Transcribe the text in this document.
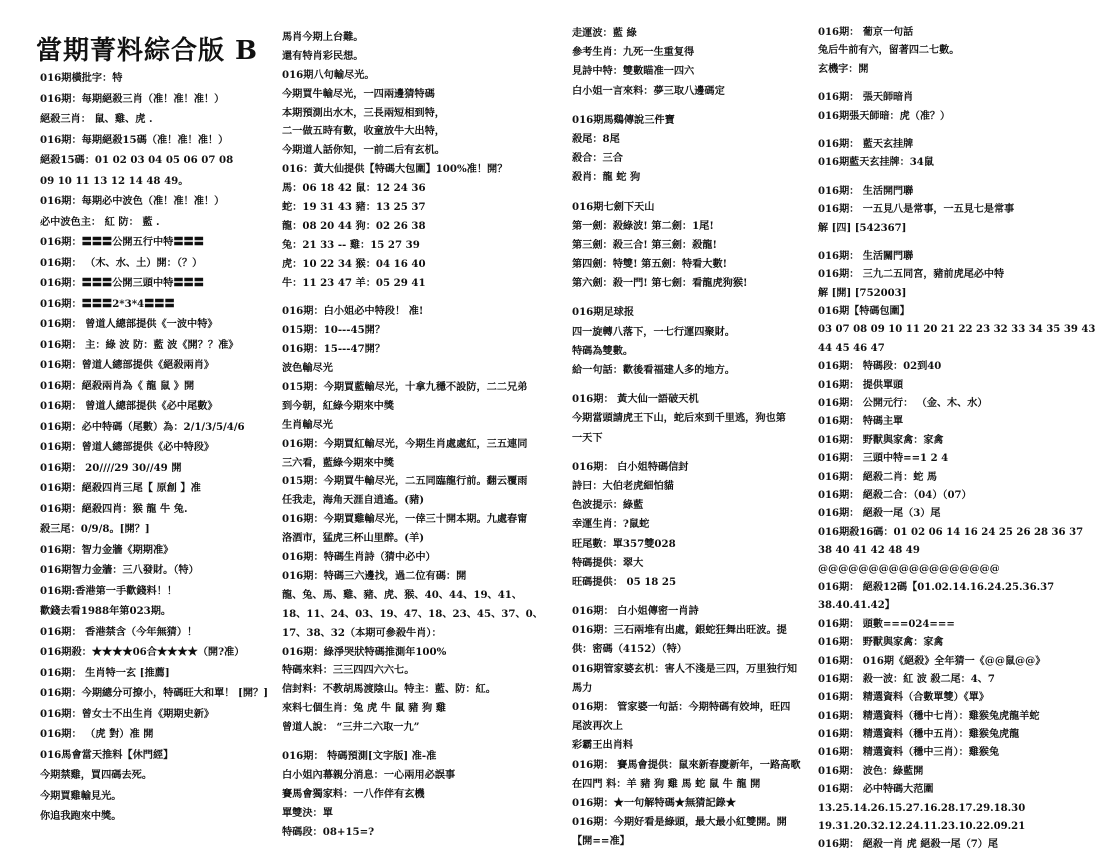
當期菁料綜合版 B
016期橫批字：特
016期：每期絕殺三肖（准！准！准！）
絕殺三肖： 鼠、雞、虎 .
016期：每期絕殺15碼（准！准！准！）
絕殺15碼：01 02 03 04 05 06 07 08
09 10 11 13 12 14 48 49。
016期：每期必中波色（准！准！准！）
必中波色主： 紅 防： 藍 .
016期：〓〓〓公開五行中特〓〓〓
016期： （木、水、土）開：（？）
016期：〓〓〓公開三頭中特〓〓〓
016期：〓〓〓2*3*4〓〓〓
016期： 曾道人總部提供《一波中特》
016期： 主：綠 波 防：藍 波《開？？准》
016期：曾道人總部提供《絕殺兩肖》
016期：絕殺兩肖為《 龍 鼠 》開
016期： 曾道人總部提供《必中尾數》
016期：必中特碼（尾數）為：2/1/3/5/4/6
016期：曾道人總部提供《必中特段》
016期： 20////29 30//49 開
016期：絕殺四肖三尾【 原創 】准
016期：絕殺四肖：猴 龍 牛 兔.
殺三尾：0/9/8。[開？]
016期：智力金牆《期期准》
016期智力金牆：三八發財。（特）
016期:香港第一手歡錢料！！
歡錢去看1988年第023期。
016期： 香港禁含（今年無猜）！
016期殺：★★★★06合★★★★（開?准）
016期： 生肖特一玄 [推薦]
016期：今期總分可撩小，特碼旺大和單！ [開？]
016期：曾女士不出生肖《期期史新》
016期： （虎 對）准 開
016馬會當天推料【休門經】
今期禁雞，買四碼去死。
今期買雞輸見光。
你追我跑來中獎。
馬肖今期上台難。
還有特肖彩民想。
016期八句輸尽光。
今期買牛輸尽光，一四兩邊猜特碼
本期預測出水木，三長兩短相到特，
二一做五時有數，收童放牛大出特，
今期道人話你知，一前二后有玄机。
016：黃大仙提供【特碼大包圍】100%准！開？
馬：06 18 42 鼠：12 24 36
蛇：19 31 43 豬：13 25 37
龍：08 20 44 狗：02 26 38
兔：21 33 -- 雞：15 27 39
虎：10 22 34 猴：04 16 40
牛：11 23 47 羊：05 29 41
016期：白小姐必中特段！ 准!
015期：10---45開？
016期：15---47開？
波色輸尽光
015期：今期買藍輸尽光，十拿九穩不設防，二二兄弟
到今朝，紅綠今期來中獎
生肖輸尽光
016期：今期買紅輸尽光，今期生肖處處紅，三五連同
三六看，藍綠今期來中獎
015期：今期買牛輸尽光，二五同臨龍行前。翻云覆雨
任我走，海角天涯自逍遙。(豬)
016期：今期買雞輸尽光，一倖三十開本期。九處春甯
洛酒市，猛虎三杯山里醉。(羊)
016期：特碼生肖詩（猜中必中）
016期：特碼三六邊找，過二位有碼：開
龍、兔、馬、雞、豬、虎、猴、40、44、19、41、
18、11、24、03、19、47、18、23、45、37、0、
17、38、32（本期可參殺牛肖）：
016期：綠淨哭狀特碼推測年100%
特碼來料：三三四四六六七。
信封料：不教胡馬渡陰山。特主：藍、防：紅。
來料七個生肖：兔 虎 牛 鼠 豬 狗 雞
曾道人說： “三井二六取一九”
016期： 特碼預測[文字版] 准-准
白小姐內幕親分消息：一心兩用必誤事
賽馬會獨家料：一八作伴有玄機
單雙決：單
特碼段：08+15=?
走運波：藍 綠
參考生肖：九死一生重复得
見詩中特：雙數瞄准一四六
白小姐一言來料：夢三取八邊碼定
016期馬鷄傳說三件寶
殺尾：8尾
殺合：三合
殺肖：龍 蛇 狗
016期七劍下天山
第一劍：殺綠波! 第二劍：1尾!
第三劍：殺三合! 第三劍：殺龍!
第四劍：特雙! 第五劍：特看大數!
第六劍：殺一門! 第七劍：看龍虎狗猴!
016期足球报
四一旋轉八落下，一七行運四聚財。
特碼為雙數。
給一句話：歡後看福建人多的地方。
016期： 黃大仙一語破天机
今期當頭請虎王下山，蛇后來到千里逃，狗也第
一天下
016期： 白小姐特碼信封
詩曰：大伯老虎細怕貓
色波提示：綠藍
幸運生肖：?鼠蛇
旺尾數：單357雙028
特碼提供：翠大
旺碼提供： 05 18 25
016期： 白小姐傳密一肖詩
016期：三石兩堆有出處，銀蛇狂舞出旺波。提
供：密碼（4152）（特）
016期管家婆玄机：害人不淺是三四，万里独行知
馬力
016期： 管家婆一句話：今期特碼有姣坤，旺四
尾波再次上
彩霸王出肖料
016期： 賽馬會提供：鼠來新春慶新年，一路高歌
在四門 料：羊 豬 狗 雞 馬 蛇 鼠 牛 龍 開
016期：★一句解特碼★無猜記錄★
016期：今期好看是綠頭，最大最小紅雙開。開
【開==准】
016期： 葡京一句話
兔后牛前有六，留著四二七數。
玄機字：開
016期： 張天師暗肖
016期張天師暗：虎（准？）
016期： 藍天玄挂牌
016期藍天玄挂牌：34鼠
016期： 生活開門聯
016期： 一五見八是常事，一五見七是常事
解 [四] [542367]
016期： 生活關門聯
016期： 三九二五同宮，豬前虎尾必中特
解 [開] [752003]
016期【特碼包圍】
03 07 08 09 10 11 20 21 22 23 32 33 34 35 39 43
44 45 46 47
016期： 特碼段：02到40
016期： 提供單頭
016期： 公開元行： （金、木、水）
016期： 特碼主單
016期： 野獸與家禽：家禽
016期： 三頭中特==1 2 4
016期： 絕殺二肖：蛇 馬
016期： 絕殺二合：（04）（07）
016期： 絕殺一尾（3）尾
016期殺16碼：01 02 06 14 16 24 25 26 28 36 37
38 40 41 42 48 49
@@@@@@@@@@@@@@@@@@
016期： 絕殺12碼【01.02.14.16.24.25.36.37
38.40.41.42】
016期： 頭數===024===
016期： 野獸與家禽：家禽
016期： 016期《絕殺》全年猜一《@@鼠@@》
016期： 殺一波：紅 波 殺二尾：4、7
016期： 精選資料（合數單雙）《單》
016期： 精選資料（穩中七肖）：雞猴兔虎龍羊蛇
016期： 精選資料（穩中五肖）：雞猴兔虎龍
016期： 精選資料（穩中三肖）：雞猴兔
016期： 波色：綠藍開
016期： 必中特碼大范圍
13.25.14.26.15.27.16.28.17.29.18.30
19.31.20.32.12.24.11.23.10.22.09.21
016期： 絕殺一肖 虎 絕殺一尾（7）尾
